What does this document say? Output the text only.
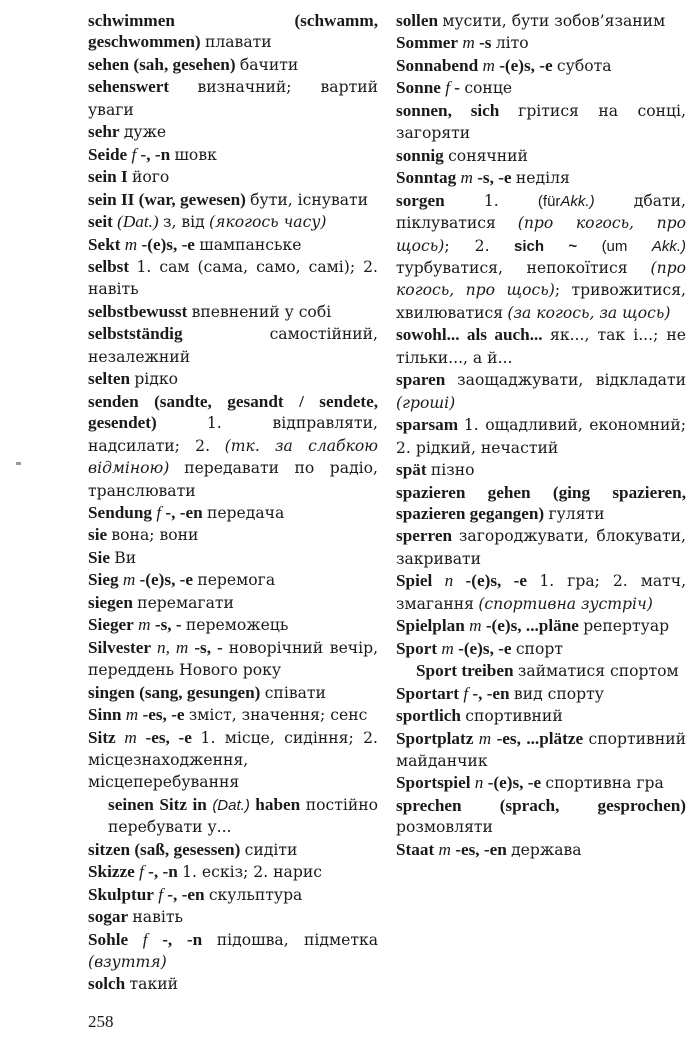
schwimmen	(schwamm, geschwommen) плавати

sehen (sah, gesehen) бачити

sehenswert визначний; вартий уваги

sehr дуже

Seide f -, -n шовк

sein I його

sein II (war, gewesen) бути, існувати

seit (Dat.) з, від (якогось часу)

Sekt m -(e)s, -e шампанське

selbst 1. сам (сама, само, самі); 2. навіть

selbstbewusst впевнений у собі

selbstständig	самостійний, незалежний

selten рідко

senden (sandte, gesandt / sendete, gesendet)	1. відправляти, надсилати; 2. (тк. за слабкою відміною) передавати по радіо, транслювати

Sendung f -, -en передача

sie вона; вони

Sie Ви

Sieg m -(e)s, -e перемога

siegen перемагати

Sieger m -s, - переможець

Silvester n, m -s, - новорічний вечір, переддень Нового року

singen (sang, gesungen) співати

Sinn m -es, -e зміст, значення; сенс

Sitz m -es, -e 1. місце, сидіння; 2. місцезнаходження, місцеперебування

seinen Sitz in (Dat.) haben постійно перебувати у...

sitzen (saß, gesessen) сидіти

Skizze f -, -n 1. ескіз; 2. нарис

Skulptur f -, -en скульптура

sogar навіть

Sohle f -, -n підошва, підметка (взуття)

solch такий

sollen мусити, бути зобов’язаним

Sommer m -s літо

Sonnabend m -(e)s, -e субота

Sonne f - сонце

sonnen, sich грітися на сонці, загоряти

sonnig сонячний

Sonntag m -s, -e неділя

sorgen	1.	(fürAkk.)	дбати, піклуватися (про когось, про щось); 2. sich ~ (um Akk.) турбуватися, непокоїтися (про когось, про щось); тривожитися, хвилюватися (за когось, за щось)

sowohl... als auch... як..., так і...; не тільки..., а й...

sparen заощаджувати, відкладати (гроші)

sparsam 1. ощадливий, економний; 2. рідкий, нечастий

spät пізно

spazieren gehen (ging spazieren, spazieren gegangen) гуляти

sperren загороджувати, блокувати, закривати

Spiel n -(e)s, -e 1. гра; 2. матч, змагання (спортивна зустріч)

Spielplan m -(e)s, ...pläne репертуар

Sport m -(e)s, -e спорт

Sport treiben займатися спортом

Sportart f -, -en вид спорту

sportlich спортивний

Sportplatz m -es, ...plätze спортивний майданчик

Sportspiel n -(e)s, -e спортивна гра

sprechen (sprach, gesprochen) розмовляти

Staat m -es, -en держава

258
